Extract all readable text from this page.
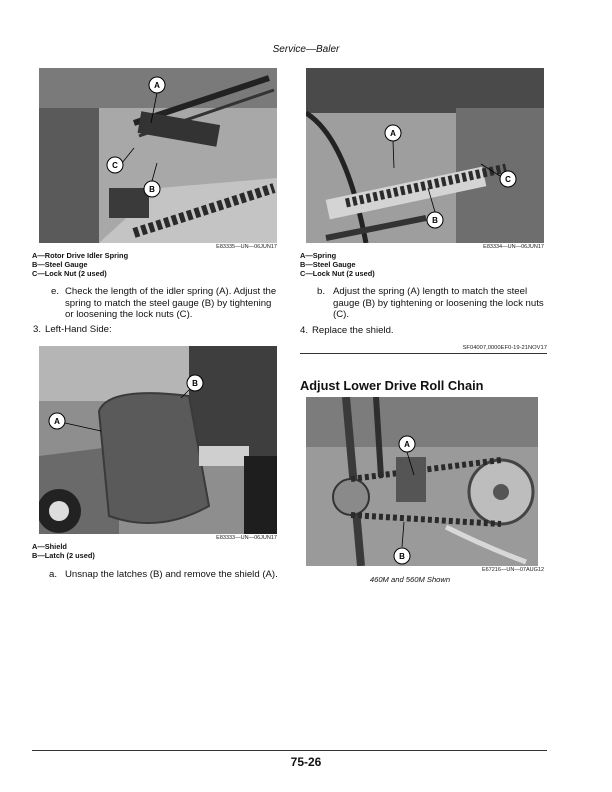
Service—Baler
A
C
B
E83335—UN—06JUN17
A—Rotor Drive Idler Spring
B—Steel Gauge
C—Lock Nut (2 used)
e. Check the length of the idler spring (A). Adjust the spring to match the steel gauge (B) by tightening or loosening the lock nuts (C).
3. Left-Hand Side:
B
A
E83333—UN—06JUN17
A—Shield
B—Latch (2 used)
a. Unsnap the latches (B) and remove the shield (A).
A
C
B
E83334—UN—06JUN17
A—Spring
B—Steel Gauge
C—Lock Nut (2 used)
b. Adjust the spring (A) length to match the steel gauge (B) by tightening or loosening the lock nuts (C).
4. Replace the shield.
SF04007,0000EF0-19-21NOV17
Adjust Lower Drive Roll Chain
A
B
E67216—UN—07AUG12
460M and 560M Shown
75-26
